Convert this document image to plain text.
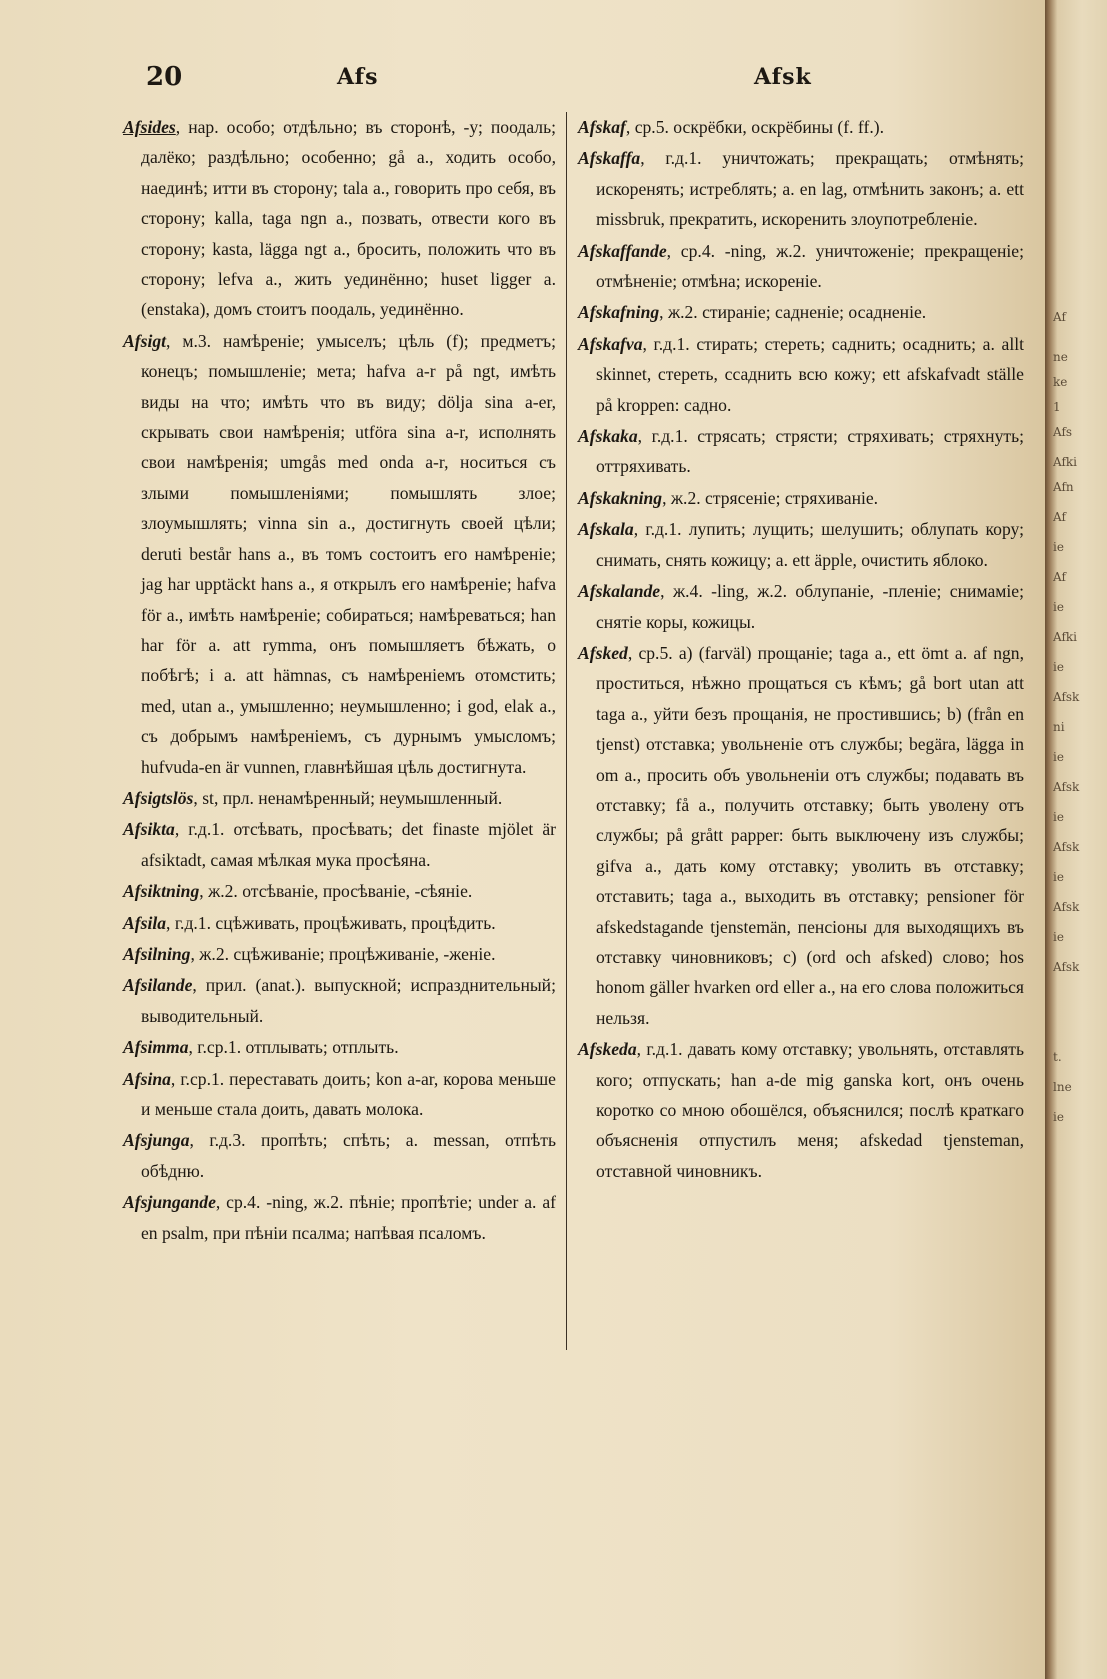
20	Afs	Afsk

Afsides, нар. особо; отдѣльно; въ сторонѣ, -у; поодаль; далёко; раздѣльно; особенно; gå a., ходить особо, наединѣ; итти въ сторону; tala a., говорить про себя, въ сторону; kalla, taga ngn a., позвать, отвести кого въ сторону; kasta, lägga ngt a., бросить, положить что въ сторону; lefva a., жить уединённо; huset ligger a. (enstaka), домъ стоитъ поодаль, уединённо.

Afsigt, м.3. намѣреніе; умыселъ; цѣль (f); предметъ; конецъ; помышленіе; мета; hafva a-r på ngt, имѣть виды на что; имѣть что въ виду; dölja sina a-er, скрывать свои намѣренія; utföra sina a-r, исполнять свои намѣренія; umgås med onda a-r, носиться съ злыми помышленіями; помышлять злое; злоумышлять; vinna sin a., достигнуть своей цѣли; deruti består hans a., въ томъ состоитъ его намѣреніе; jag har upptäckt hans a., я открылъ его намѣреніе; hafva för a., имѣть намѣреніе; собираться; намѣреваться; han har för a. att rymma, онъ помышляетъ бѣжать, о побѣгѣ; i a. att hämnas, съ намѣреніемъ отомстить; med, utan a., умышленно; неумышленно; i god, elak a., съ добрымъ намѣреніемъ, съ дурнымъ умысломъ; hufvuda-en är vunnen, главнѣйшая цѣль достигнута.

Afsigtslös, st, прл. ненамѣренный; неумышленный.

Afsikta, г.д.1. отсѣвать, просѣвать; det finaste mjölet är afsiktadt, самая мѣлкая мука просѣяна.

Afsiktning, ж.2. отсѣваніе, просѣваніе, -сѣяніе.

Afsila, г.д.1. сцѣживать, процѣживать, процѣдить.

Afsilning, ж.2. сцѣживаніе; процѣживаніе, -женіе.

Afsilande, прил. (anat.). выпускной; испразднительный; выводительный.

Afsimma, г.ср.1. отплывать; отплыть.

Afsina, г.ср.1. переставать доить; kon a-ar, корова меньше и меньше стала доить, давать молока.

Afsjunga, г.д.3. пропѣть; спѣть; a. messan, отпѣть обѣдню.

Afsjungande, ср.4. -ning, ж.2. пѣніе; пропѣтіе; under a. af en psalm, при пѣніи псалма; напѣвая псаломъ.

Afskaf, ср.5. оскрёбки, оскрёбины (f. ff.).

Afskaffa, г.д.1. уничтожать; прекращать; отмѣнять; искоренять; истреблять; a. en lag, отмѣнить законъ; a. ett missbruk, прекратить, искоренить злоупотребленіе.

Afskaffande, ср.4. -ning, ж.2. уничтоженіе; прекращеніе; отмѣненіе; отмѣна; искореніе.

Afskafning, ж.2. стираніе; садненіе; осадненіе.

Afskafva, г.д.1. стирать; стереть; саднить; осаднить; a. allt skinnet, стереть, ссаднить всю кожу; ett afskafvadt ställe på kroppen: садно.

Afskaka, г.д.1. стрясать; стрясти; стряхивать; стряхнуть; оттряхивать.

Afskakning, ж.2. стрясеніе; стряхиваніе.

Afskala, г.д.1. лупить; лущить; шелушить; облупать кору; снимать, снять кожицу; a. ett äpple, очистить яблоко.

Afskalande, ж.4. -ling, ж.2. облупаніе, -пленіе; снимаміе; снятіе коры, кожицы.

Afsked, ср.5. a) (farväl) прощаніе; taga a., ett ömt a. af ngn, проститься, нѣжно прощаться съ кѣмъ; gå bort utan att taga a., уйти безъ прощанія, не простившись; b) (från en tjenst) отставка; увольненіе отъ службы; begära, lägga in om a., просить объ увольненіи отъ службы; подавать въ отставку; få a., получить отставку; быть уволену отъ службы; på grått papper: быть выключену изъ службы; gifva a., дать кому отставку; уволить въ отставку; отставить; taga a., выходить въ отставку; pensioner för afskedstagande tjenstemän, пенсіоны для выходящихъ въ отставку чиновниковъ; c) (ord och afsked) слово; hos honom gäller hvarken ord eller a., на его слова положиться нельзя.

Afskeda, г.д.1. давать кому отставку; увольнять, отставлять кого; отпускать; han a-de mig ganska kort, онъ очень коротко со мною обошёлся, объяснился; послѣ краткаго объясненія отпустилъ меня; afskedad tjensteman, отставной чиновникъ.

Af
ne
ke
1
Afs
Afki
Afn
Af
ie
Af
ie
Afki
ie
Afsk
ni
ie
Afsk
ie
Afsk
ie
Afsk
ie
Afsk
t.
lne
ie
